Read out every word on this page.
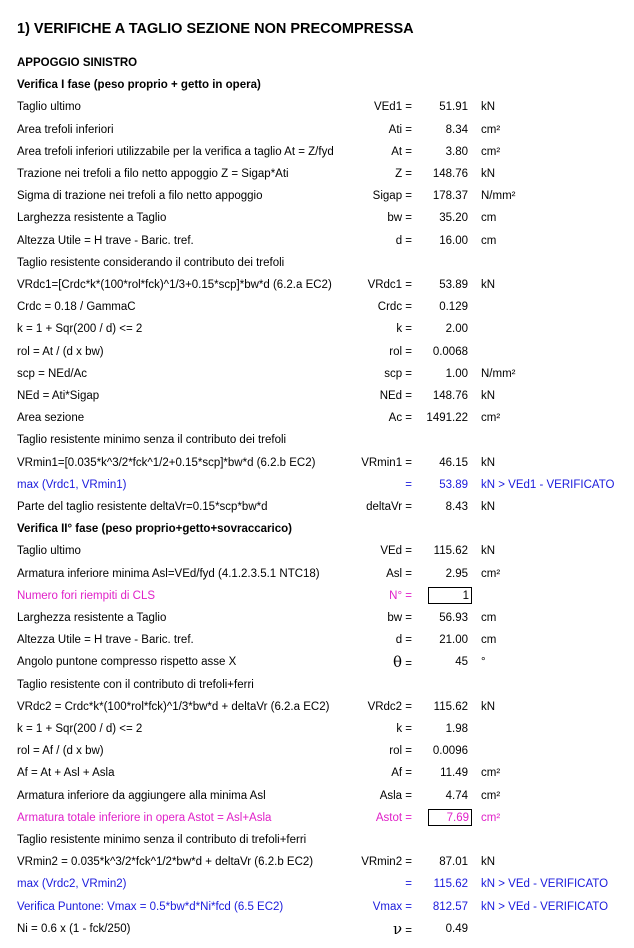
1) VERIFICHE A TAGLIO SEZIONE NON PRECOMPRESSA
APPOGGIO SINISTRO
Verifica I fase (peso proprio + getto in opera)
Taglio ultimo	VEd1 = 51.91 kN
Area trefoli inferiori	Ati =	8.34 cm²
Area trefoli inferiori utilizzabile per la verifica a taglio At = Z/fyd	At =	3.80 cm²
Trazione nei trefoli a filo netto appoggio Z = Sigap*Ati	Z = 148.76 kN
Sigma di trazione nei trefoli a filo netto appoggio	Sigap = 178.37 N/mm²
Larghezza resistente a Taglio	bw = 35.20 cm
Altezza Utile = H trave - Baric. tref.	d = 16.00 cm
Taglio resistente considerando il contributo dei trefoli
VRdc1=[Crdc*k*(100*rol*fck)^1/3+0.15*scp]*bw*d (6.2.a EC2)	VRdc1 = 53.89 kN
Crdc = 0.18 / GammaC	Crdc = 0.129
k = 1 + Sqr(200 / d) <= 2	k =	2.00
rol = At / (d x bw)	rol = 0.0068
scp = NEd/Ac	scp =	1.00 N/mm²
NEd = Ati*Sigap	NEd = 148.76 kN
Area sezione	Ac = 1491.22 cm²
Taglio resistente minimo senza il contributo dei trefoli
VRmin1=[0.035*k^3/2*fck^1/2+0.15*scp]*bw*d (6.2.b EC2)	VRmin1 = 46.15 kN
max (Vrdc1, VRmin1)	= 53.89 kN > VEd1 - VERIFICATO
Parte del taglio resistente deltaVr=0.15*scp*bw*d	deltaVr =	8.43 kN
Verifica II° fase (peso proprio+getto+sovraccarico)
Taglio ultimo	VEd = 115.62 kN
Armatura inferiore minima Asl=VEd/fyd (4.1.2.3.5.1 NTC18)	Asl =	2.95 cm²
Numero fori riempiti di CLS	N° =	1
Larghezza resistente a Taglio	bw = 56.93 cm
Altezza Utile = H trave - Baric. tref.	d = 21.00 cm
Angolo puntone compresso rispetto asse X	θ =	45 °
Taglio resistente con il contributo di trefoli+ferri
VRdc2 = Crdc*k*(100*rol*fck)^1/3*bw*d + deltaVr (6.2.a EC2)	VRdc2 = 115.62 kN
k = 1 + Sqr(200 / d) <= 2	k =	1.98
rol = Af / (d x bw)	rol = 0.0096
Af = At + Asl + Asla	Af = 11.49 cm²
Armatura inferiore da aggiungere alla minima Asl	Asla =	4.74 cm²
Armatura totale inferiore in opera Astot = Asl+Asla	Astot =	7.69 cm²
Taglio resistente minimo senza il contributo di trefoli+ferri
VRmin2 = 0.035*k^3/2*fck^1/2*bw*d + deltaVr (6.2.b EC2)	VRmin2 = 87.01 kN
max (Vrdc2, VRmin2)	= 115.62 kN > VEd - VERIFICATO
Verifica Puntone: Vmax = 0.5*bw*d*Ni*fcd (6.5 EC2)	Vmax = 812.57 kN > VEd - VERIFICATO
Ni = 0.6 x (1 - fck/250)	ν =	0.49
